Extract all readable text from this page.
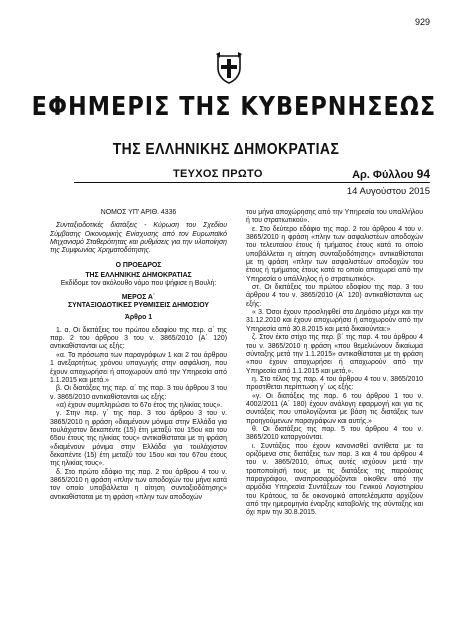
929
ΕΦΗΜΕΡΙΣ ΤΗΣ ΚΥΒΕΡΝΗΣΕΩΣ
ΤΗΣ ΕΛΛΗΝΙΚΗΣ ΔΗΜΟΚΡΑΤΙΑΣ
ΤΕΥΧΟΣ ΠΡΩΤΟ	Αρ. Φύλλου 94
14 Αυγούστου 2015

ΝΟΜΟΣ ΥΠ' ΑΡΙΘ. 4336

Συνταξιοδοτικές διατάξεις - Κύρωση του Σχεδίου Σύμβασης Οικονομικής Ενίσχυσης από τον Ευρωπαϊκό Μηχανισμό Σταθερότητας και ρυθμίσεις για την υλοποίηση της Συμφωνίας Χρηματοδότησης.

Ο ΠΡΟΕΔΡΟΣ

ΤΗΣ ΕΛΛΗΝΙΚΗΣ ΔΗΜΟΚΡΑΤΙΑΣ

Εκδίδομε τον ακόλουθο νόμο που ψήφισε η Βουλή:

ΜΕΡΟΣ Α΄

ΣΥΝΤΑΞΙΟΔΟΤΙΚΕΣ ΡΥΘΜΙΣΕΙΣ ΔΗΜΟΣΙΟΥ

Άρθρο 1

1. α. Οι διατάξεις του πρώτου εδαφίου της περ. α΄ της παρ. 2 του άρθρου 3 του ν. 3865/2010 (Α΄ 120) αντικαθίστανται ως εξής:

«α. Τα πρόσωπα των παραγράφων 1 και 2 του άρθρου 1 ανεξαρτήτως χρόνου υπαγωγής στην ασφάλιση, που έχουν αποχωρήσει ή αποχωρούν από την Υπηρεσία από 1.1.2015 και μετά.»

β. Οι διατάξεις της περ. α΄ της παρ. 3 του άρθρου 3 του ν. 3865/2010 αντικαθίστανται ως εξής:

«α) έχουν συμπληρώσει το 67ο έτος της ηλικίας τους».

γ. Στην περ. γ΄ της παρ. 3 του άρθρου 3 του ν. 3865/2010 η φράση «διαμένουν μόνιμα στην Ελλάδα για τουλάχιστον δεκαπέντε (15) έτη μεταξύ του 15ου και του 65ου έτους της ηλικίας τους» αντικαθίσταται με τη φράση «διαμένουν μόνιμα στην Ελλάδα για τουλάχιστον δεκαπέντε (15) έτη μεταξύ του 15ου και του 67ου έτους της ηλικίας τους».

δ. Στο πρώτο εδάφιο της παρ. 2 του άρθρου 4 του ν. 3865/2010 η φράση «πλην των αποδοχών του μήνα κατά τον οποίο υποβάλλεται η αίτηση συνταξιοδότησης» αντικαθίσταται με τη φράση «πλην των αποδοχών

του μήνα αποχώρησης από την Υπηρεσία του υπαλλήλου ή του στρατιωτικού».

ε. Στο δεύτερο εδάφιο της παρ. 2 του άρθρου 4 του ν. 3865/2010 η φράση «πλην των ασφαλιστέων αποδοχών του τελευταίου έτους ή τμήματος έτους κατά το οποίο υποβάλλεται η αίτηση συνταξιοδότησης» αντικαθίσταται με τη φράση «πλην των ασφαλιστέων αποδοχών του έτους ή τμήματος έτους κατά το οποίο αποχωρεί από την Υπηρεσία ο υπάλληλος ή ο στρατιωτικός».

στ. Οι διατάξεις του πρώτου εδαφίου της παρ. 3 του άρθρου 4 του ν. 3865/2010 (Α΄ 120) αντικαθίστανται ως εξής:

« 3. Όσοι έχουν προσληφθεί στο Δημόσιο μέχρι και την 31.12.2010 και έχουν αποχωρήσει ή αποχωρούν από την Υπηρεσία από 30.8.2015 και μετά δικαιούνται:»

ζ. Στον έκτο στίχο της περ. β΄ της παρ. 4 του άρθρου 4 του ν. 3865/2010 η φράση «που θεμελιώνουν δικαίωμα σύνταξης μετά την 1.1.2015» αντικαθίσταται με τη φράση «που έχουν αποχωρήσει ή αποχωρούν από την Υπηρεσία από 1.1.2015 και μετά,».

η. Στο τέλος της παρ. 4 του άρθρου 4 του ν. 3865/2010 προστίθεται περίπτωση γ΄ ως εξής:

«γ. Οι διατάξεις της παρ. 6 του άρθρου 1 του ν. 4002/2011 (Α΄ 180) έχουν ανάλογη εφαρμογή και για τις συντάξεις που υπολογίζονται με βάση τις διατάξεις των προηγούμενων παραγράφων και αυτής.»

θ. Οι διατάξεις της παρ. 5 του άρθρου 4 του ν. 3865/2010 καταργούνται.

ι. Συντάξεις που έχουν κανονισθεί αντίθετα με τα οριζόμενα στις διατάξεις των παρ. 3 και 4 του άρθρου 4 του ν. 3865/2010, όπως αυτές ισχύουν μετά την τροποποίησή τους με τις διατάξεις της παρούσας παραγράφου, αναπροσαρμόζονται οίκοθεν από την αρμόδια Υπηρεσία Συντάξεων του Γενικού Λογιστηρίου του Κράτους, τα δε οικονομικά αποτελέσματα αρχίζουν από την ημερομηνία έναρξης καταβολής της σύνταξης και όχι πριν την 30.8.2015.
